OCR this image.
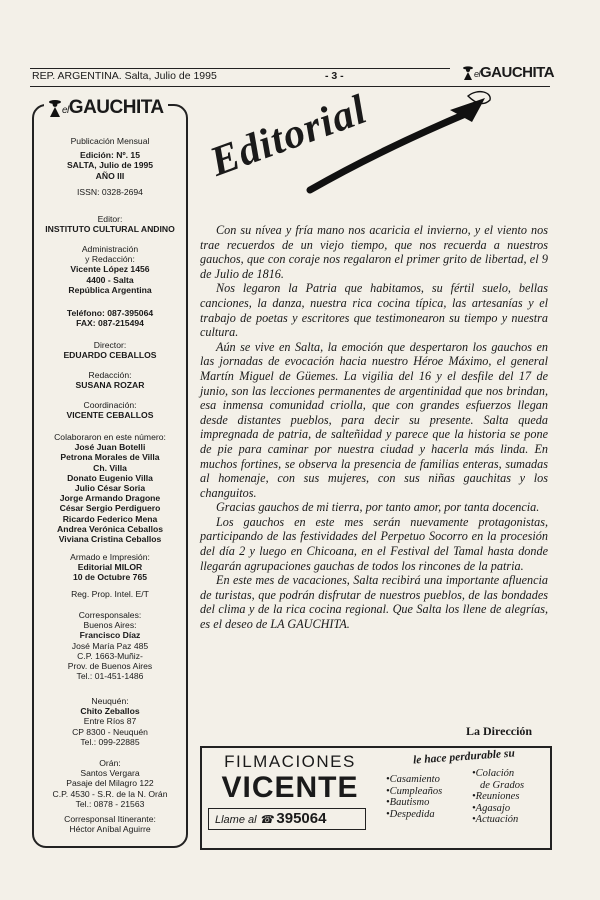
REP. ARGENTINA. Salta, Julio de 1995	- 3 -	elGAUCHITA
elGAUCHITA
Publicación Mensual
Edición: Nº. 15
SALTA, Julio de 1995
AÑO III
ISSN: 0328-2694
Editor:
INSTITUTO CULTURAL ANDINO
Administración
y Redacción:
Vicente López 1456
4400 - Salta
República Argentina
Teléfono: 087-395064
FAX: 087-215494
Director:
EDUARDO CEBALLOS
Redacción:
SUSANA ROZAR
Coordinación:
VICENTE CEBALLOS
Colaboraron en este número:
José Juan Botelli
Petrona Morales de Villa
Ch. Villa
Donato Eugenio Villa
Julio César Soria
Jorge Armando Dragone
César Sergio Perdiguero
Ricardo Federico Mena
Andrea Verónica Ceballos
Viviana Cristina Ceballos
Armado e Impresión:
Editorial MILOR
10 de Octubre 765
Reg. Prop. Intel. E/T
Corresponsales:
Buenos Aires:
Francisco Díaz
José María Paz 485
C.P. 1663-Muñiz-
Prov. de Buenos Aires
Tel.: 01-451-1486
Neuquén:
Chito Zeballos
Entre Ríos 87
CP 8300 - Neuquén
Tel.: 099-22885
Orán:
Santos Vergara
Pasaje del Milagro 122
C.P. 4530 - S.R. de la N. Orán
Tel.: 0878 - 21563
Corresponsal Itinerante:
Héctor Aníbal Aguirre
Editorial

Con su nívea y fría mano nos acaricia el invierno, y el viento nos trae recuerdos de un viejo tiempo, que nos recuerda a nuestros gauchos, que con coraje nos regalaron el primer grito de libertad, el 9 de Julio de 1816.

Nos legaron la Patria que habitamos, su fértil suelo, bellas canciones, la danza, nuestra rica cocina típica, las artesanías y el trabajo de poetas y escritores que testimonearon su tiempo y nuestra cultura.

Aún se vive en Salta, la emoción que despertaron los gauchos en las jornadas de evocación hacia nuestro Héroe Máximo, el general Martín Miguel de Güemes. La vigilia del 16 y el desfile del 17 de junio, son las lecciones permanentes de argentinidad que nos brindan, esa inmensa comunidad criolla, que con grandes esfuerzos llegan desde distantes pueblos, para decir su presente. Salta queda impregnada de patria, de salteñidad y parece que la historia se pone de pie para caminar por nuestra ciudad y hacerla más linda. En muchos fortines, se observa la presencia de familias enteras, sumadas al homenaje, con sus mujeres, con sus niñas gauchitas y los changuitos.

Gracias gauchos de mi tierra, por tanto amor, por tanta docencia.

Los gauchos en este mes serán nuevamente protagonistas, participando de las festividades del Perpetuo Socorro en la procesión del día 2 y luego en Chicoana, en el Festival del Tamal hasta donde llegarán agrupaciones gauchas de todos los rincones de la patria.

En este mes de vacaciones, Salta recibirá una importante afluencia de turistas, que podrán disfrutar de nuestros pueblos, de las bondades del clima y de la rica cocina regional. Que Salta los llene de alegrías, es el deseo de LA GAUCHITA.

La Dirección
FILMACIONES
VICENTE
Llame al ☎ 395064
le hace perdurable su
•Casamiento
•Cumpleaños
•Bautismo
•Despedida
•Colación
de Grados
•Reuniones
•Agasajo
•Actuación
